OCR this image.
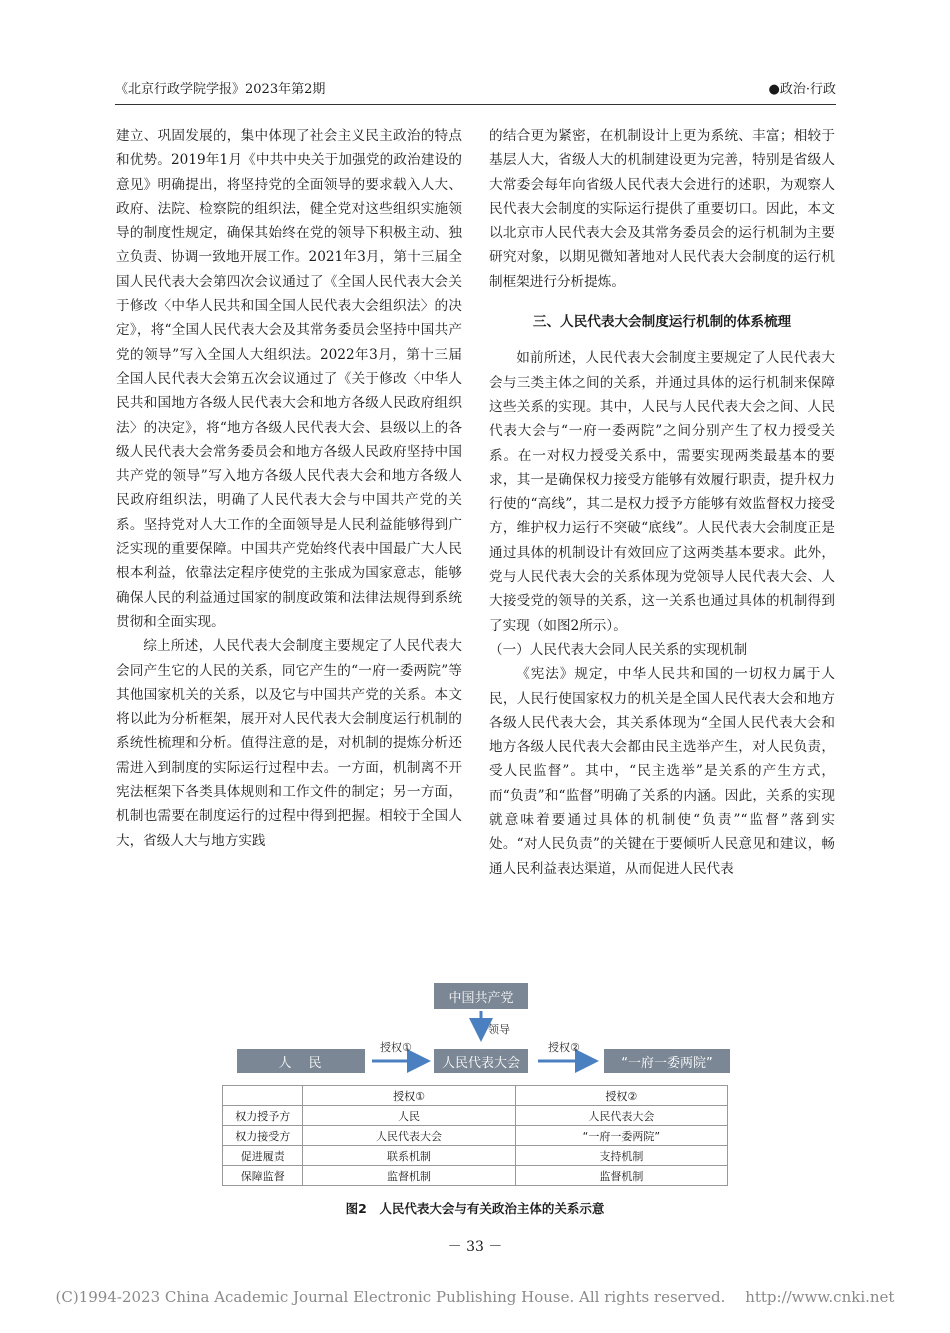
《北京行政学院学报》2023年第2期	●政治·行政

建立、巩固发展的，集中体现了社会主义民主政治的特点和优势。2019年1月《中共中央关于加强党的政治建设的意见》明确提出，将坚持党的全面领导的要求载入人大、政府、法院、检察院的组织法，健全党对这些组织实施领导的制度性规定，确保其始终在党的领导下积极主动、独立负责、协调一致地开展工作。2021年3月，第十三届全国人民代表大会第四次会议通过了《全国人民代表大会关于修改〈中华人民共和国全国人民代表大会组织法〉的决定》，将“全国人民代表大会及其常务委员会坚持中国共产党的领导”写入全国人大组织法。2022年3月，第十三届全国人民代表大会第五次会议通过了《关于修改〈中华人民共和国地方各级人民代表大会和地方各级人民政府组织法〉的决定》，将“地方各级人民代表大会、县级以上的各级人民代表大会常务委员会和地方各级人民政府坚持中国共产党的领导”写入地方各级人民代表大会和地方各级人民政府组织法，明确了人民代表大会与中国共产党的关系。坚持党对人大工作的全面领导是人民利益能够得到广泛实现的重要保障。中国共产党始终代表中国最广大人民根本利益，依靠法定程序使党的主张成为国家意志，能够确保人民的利益通过国家的制度政策和法律法规得到系统贯彻和全面实现。

综上所述，人民代表大会制度主要规定了人民代表大会同产生它的人民的关系，同它产生的“一府一委两院”等其他国家机关的关系，以及它与中国共产党的关系。本文将以此为分析框架，展开对人民代表大会制度运行机制的系统性梳理和分析。值得注意的是，对机制的提炼分析还需进入到制度的实际运行过程中去。一方面，机制离不开宪法框架下各类具体规则和工作文件的制定；另一方面，机制也需要在制度运行的过程中得到把握。相较于全国人大，省级人大与地方实践

的结合更为紧密，在机制设计上更为系统、丰富；相较于基层人大，省级人大的机制建设更为完善，特别是省级人大常委会每年向省级人民代表大会进行的述职，为观察人民代表大会制度的实际运行提供了重要切口。因此，本文以北京市人民代表大会及其常务委员会的运行机制为主要研究对象，以期见微知著地对人民代表大会制度的运行机制框架进行分析提炼。

三、人民代表大会制度运行机制的体系梳理

如前所述，人民代表大会制度主要规定了人民代表大会与三类主体之间的关系，并通过具体的运行机制来保障这些关系的实现。其中，人民与人民代表大会之间、人民代表大会与“一府一委两院”之间分别产生了权力授受关系。在一对权力授受关系中，需要实现两类最基本的要求，其一是确保权力接受方能够有效履行职责，提升权力行使的“高线”，其二是权力授予方能够有效监督权力接受方，维护权力运行不突破“底线”。人民代表大会制度正是通过具体的机制设计有效回应了这两类基本要求。此外，党与人民代表大会的关系体现为党领导人民代表大会、人大接受党的领导的关系，这一关系也通过具体的机制得到了实现（如图2所示）。

（一）人民代表大会同人民关系的实现机制

《宪法》规定，中华人民共和国的一切权力属于人民，人民行使国家权力的机关是全国人民代表大会和地方各级人民代表大会，其关系体现为“全国人民代表大会和地方各级人民代表大会都由民主选举产生，对人民负责，受人民监督”。其中，“民主选举”是关系的产生方式，而“负责”和“监督”明确了关系的内涵。因此，关系的实现就意味着要通过具体的机制使“负责”“监督”落到实处。“对人民负责”的关键在于要倾听人民意见和建议，畅通人民利益表达渠道，从而促进人民代表

中国共产党
领导
人　民
授权①
人民代表大会
授权②
“一府一委两院”
	授权①	授权②
权力授予方	人民	人民代表大会
权力接受方	人民代表大会	“一府一委两院”
促进履责	联系机制	支持机制
保障监督	监督机制	监督机制
图2　人民代表大会与有关政治主体的关系示意
－ 33 －
(C)1994-2023 China Academic Journal Electronic Publishing House. All rights reserved.　 http://www.cnki.net
